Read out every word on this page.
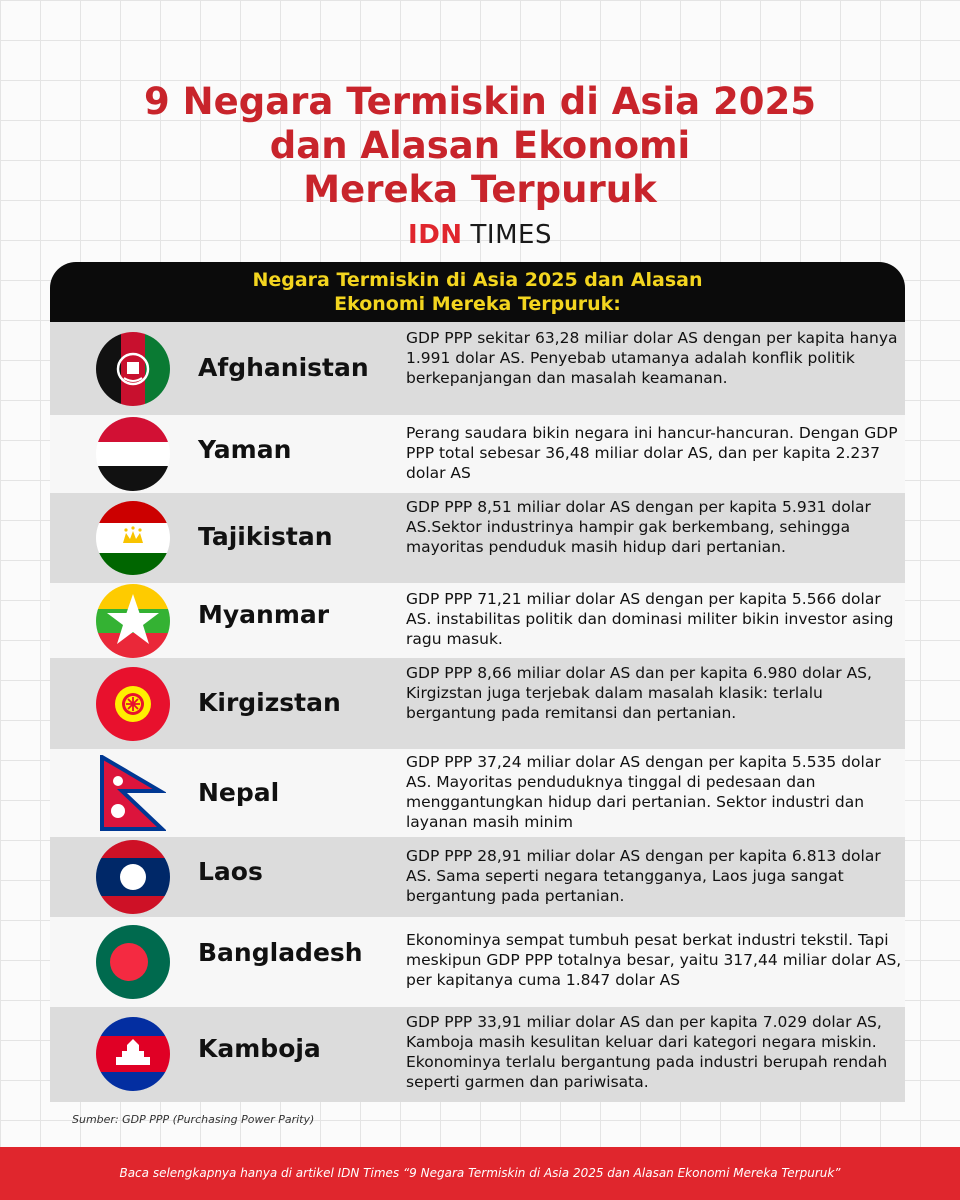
9 Negara Termiskin di Asia 2025
dan Alasan Ekonomi
Mereka Terpuruk
IDN TIMES
Negara Termiskin di Asia 2025 dan Alasan
Ekonomi Mereka Terpuruk:
Afghanistan
GDP PPP sekitar 63,28 miliar dolar AS dengan per kapita hanya 1.991 dolar AS. Penyebab utamanya adalah konflik politik berkepanjangan dan masalah keamanan.
Yaman
Perang saudara bikin negara ini hancur-hancuran. Dengan GDP PPP total sebesar 36,48 miliar dolar AS, dan per kapita 2.237 dolar AS
Tajikistan
GDP PPP 8,51 miliar dolar AS dengan per kapita 5.931 dolar AS.Sektor industrinya hampir gak berkembang, sehingga mayoritas penduduk masih hidup dari pertanian.
Myanmar
GDP PPP 71,21 miliar dolar AS dengan per kapita 5.566 dolar AS. instabilitas politik dan dominasi militer bikin investor asing ragu masuk.
Kirgizstan
GDP PPP 8,66 miliar dolar AS dan per kapita 6.980 dolar AS, Kirgizstan juga terjebak dalam masalah klasik: terlalu bergantung pada remitansi dan pertanian.
Nepal
GDP PPP 37,24 miliar dolar AS dengan per kapita 5.535 dolar AS. Mayoritas penduduknya tinggal di pedesaan dan menggantungkan hidup dari pertanian. Sektor industri dan layanan masih minim
Laos
GDP PPP 28,91 miliar dolar AS dengan per kapita 6.813 dolar AS. Sama seperti negara tetangganya, Laos juga sangat bergantung pada pertanian.
Bangladesh	Ekonominya sempat tumbuh pesat berkat industri tekstil. Tapi meskipun GDP PPP totalnya besar, yaitu 317,44 miliar dolar AS, per kapitanya cuma 1.847 dolar AS
Kamboja
GDP PPP 33,91 miliar dolar AS dan per kapita 7.029 dolar AS, Kamboja masih kesulitan keluar dari kategori negara miskin. Ekonominya terlalu bergantung pada industri berupah rendah seperti garmen dan pariwisata.
Sumber: GDP PPP (Purchasing Power Parity)
Baca selengkapnya hanya di artikel IDN Times “9 Negara Termiskin di Asia 2025 dan Alasan Ekonomi Mereka Terpuruk”
